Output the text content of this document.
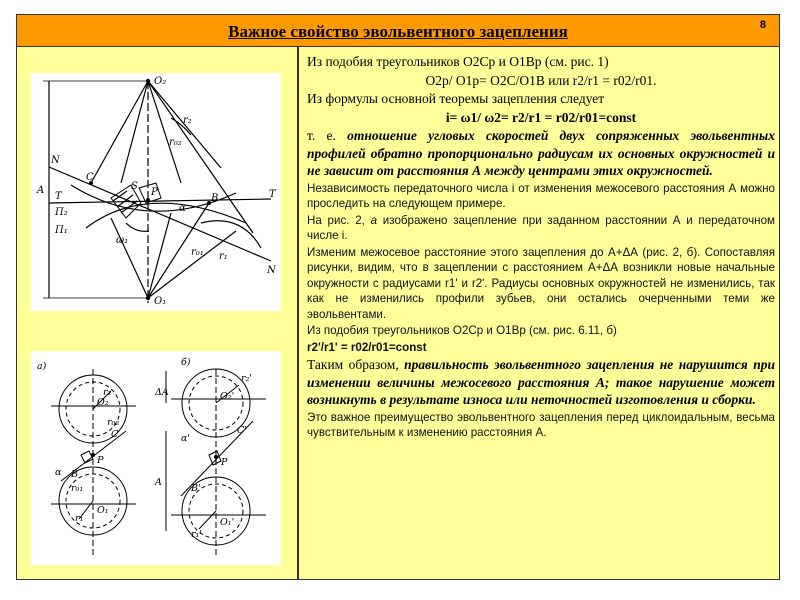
Важное свойство эвольвентного зацепления	8
O₂
O₁
r₂
r₀₂
r₁
r₀₁
A
T	T
N
N
C
S
P
B
α
ω₁
Π₁
Π₂
а)	б)
O₂
O₁
r₂
r₁
r₀₂
r₀₁
α
P
C
B
ΔA
A
O₂'
O₁'
r₂'
r₁'
α'
P
C'
B'

Из подобия треугольников О2Ср и О1Вр (см. рис. 1)

О2р/ О1р= О2С/О1В или r2/r1 = r02/r01.

Из формулы основной теоремы зацепления следует

i= ω1/ ω2= r2/r1 = r02/r01=const

т. е. отношение угловых скоростей двух сопряженных эвольвентных профилей обратно пропорционально радиусам их основных окружностей и не зависит от расстояния А между центрами этих окружностей.

Независимость передаточного числа i от изменения межосевого расстояния А можно проследить на следующем примере.

На рис. 2, а изображено зацепление при заданном расстоянии А и передаточном числе i.

Изменим межосевое расстояние этого зацепления до А+ΔА (рис. 2, б). Сопоставляя рисунки, видим, что в зацеплении с расстоянием А+ΔА возникли новые начальные окружности с радиусами r1' и r2'. Радиусы основных окружностей не изменились, так как не изменились профили зубьев, они остались очерченными теми же эвольвентами.

Из подобия треугольников О2Ср и О1Вр (см. рис. 6.11, б)

r2'/r1' = r02/r01=const

Таким образом, правильность эвольвентного зацепления не нарушится при изменении величины межосевого расстояния А; такое нарушение может возникнуть в результате износа или неточностей изготовления и сборки.

Это важное преимущество эвольвентного зацепления перед циклоидальным, весьма чувствительным к изменению расстояния А.
